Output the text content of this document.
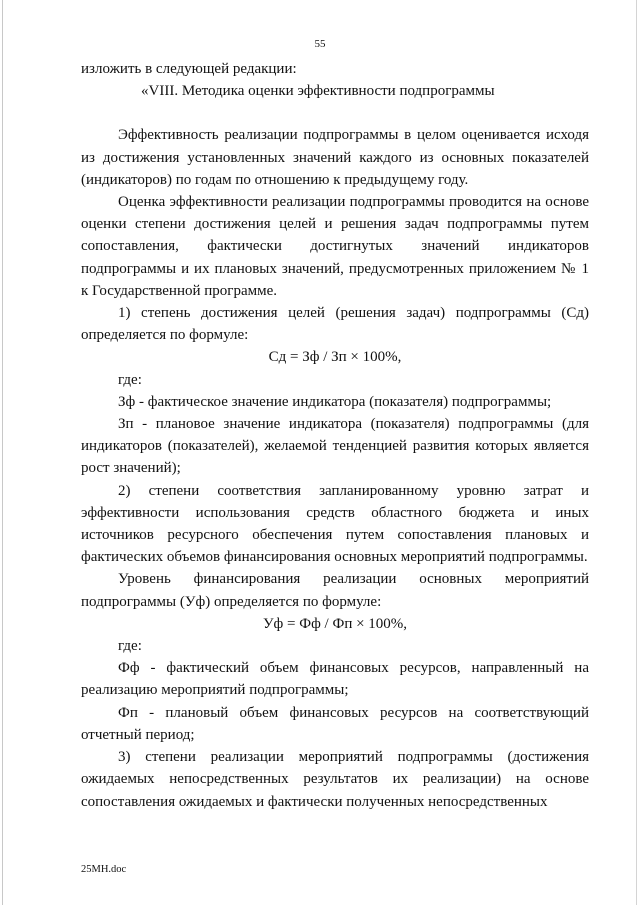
55

изложить в следующей редакции:

«VIII. Методика оценки эффективности подпрограммы

Эффективность реализации подпрограммы в целом оценивается исходя из достижения установленных значений каждого из основных показателей (индикаторов) по годам по отношению к предыдущему году.

Оценка эффективности реализации подпрограммы проводится на основе оценки степени достижения целей и решения задач подпрограммы путем сопоставления, фактически достигнутых значений индикаторов подпрограммы и их плановых значений, предусмотренных приложением № 1 к Государственной программе.

1) степень достижения целей (решения задач) подпрограммы (Сд) определяется по формуле:

Сд = Зф / Зп × 100%,

где:

Зф - фактическое значение индикатора (показателя) подпрограммы;

Зп - плановое значение индикатора (показателя) подпрограммы (для индикаторов (показателей), желаемой тенденцией развития которых является рост значений);

2) степени соответствия запланированному уровню затрат и эффективности использования средств областного бюджета и иных источников ресурсного обеспечения путем сопоставления плановых и фактических объемов финансирования основных мероприятий подпрограммы.

Уровень финансирования реализации основных мероприятий подпрограммы (Уф) определяется по формуле:

Уф = Фф / Фп × 100%,

где:

Фф - фактический объем финансовых ресурсов, направленный на реализацию мероприятий подпрограммы;

Фп - плановый объем финансовых ресурсов на соответствующий отчетный период;

3) степени реализации мероприятий подпрограммы (достижения ожидаемых непосредственных результатов их реализации) на основе сопоставления ожидаемых и фактически полученных непосредственных

25МН.doc
